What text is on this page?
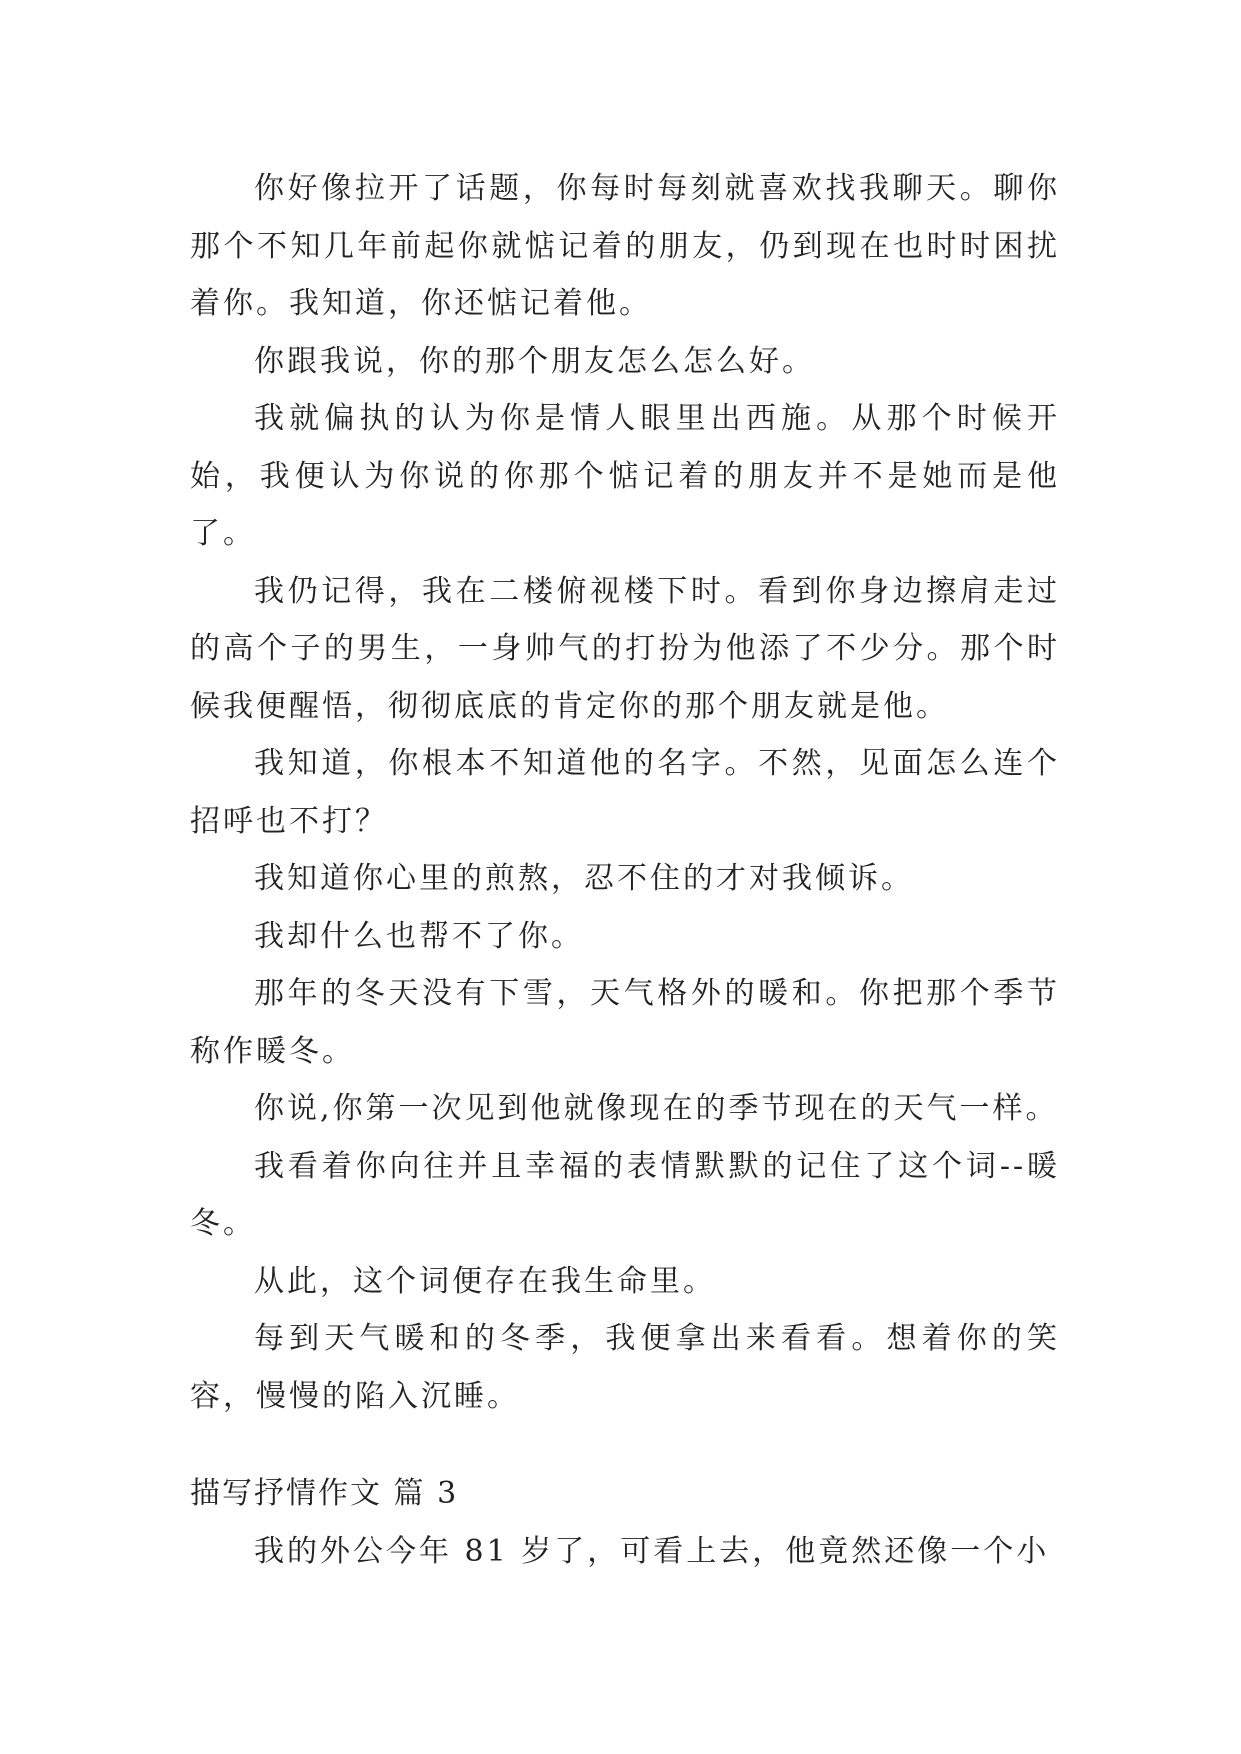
你好像拉开了话题，你每时每刻就喜欢找我聊天。聊你那个不知几年前起你就惦记着的朋友，仍到现在也时时困扰着你。我知道，你还惦记着他。

你跟我说，你的那个朋友怎么怎么好。

我就偏执的认为你是情人眼里出西施。从那个时候开始，我便认为你说的你那个惦记着的朋友并不是她而是他了。

我仍记得，我在二楼俯视楼下时。看到你身边擦肩走过的高个子的男生，一身帅气的打扮为他添了不少分。那个时候我便醒悟，彻彻底底的肯定你的那个朋友就是他。

我知道，你根本不知道他的名字。不然，见面怎么连个招呼也不打？

我知道你心里的煎熬，忍不住的才对我倾诉。

我却什么也帮不了你。

那年的冬天没有下雪，天气格外的暖和。你把那个季节称作暖冬。

你说,你第一次见到他就像现在的季节现在的天气一样。

我看着你向往并且幸福的表情默默的记住了这个词--暖冬。

从此，这个词便存在我生命里。

每到天气暖和的冬季，我便拿出来看看。想着你的笑容，慢慢的陷入沉睡。

描写抒情作文 篇 3

我的外公今年 81 岁了，可看上去，他竟然还像一个小
